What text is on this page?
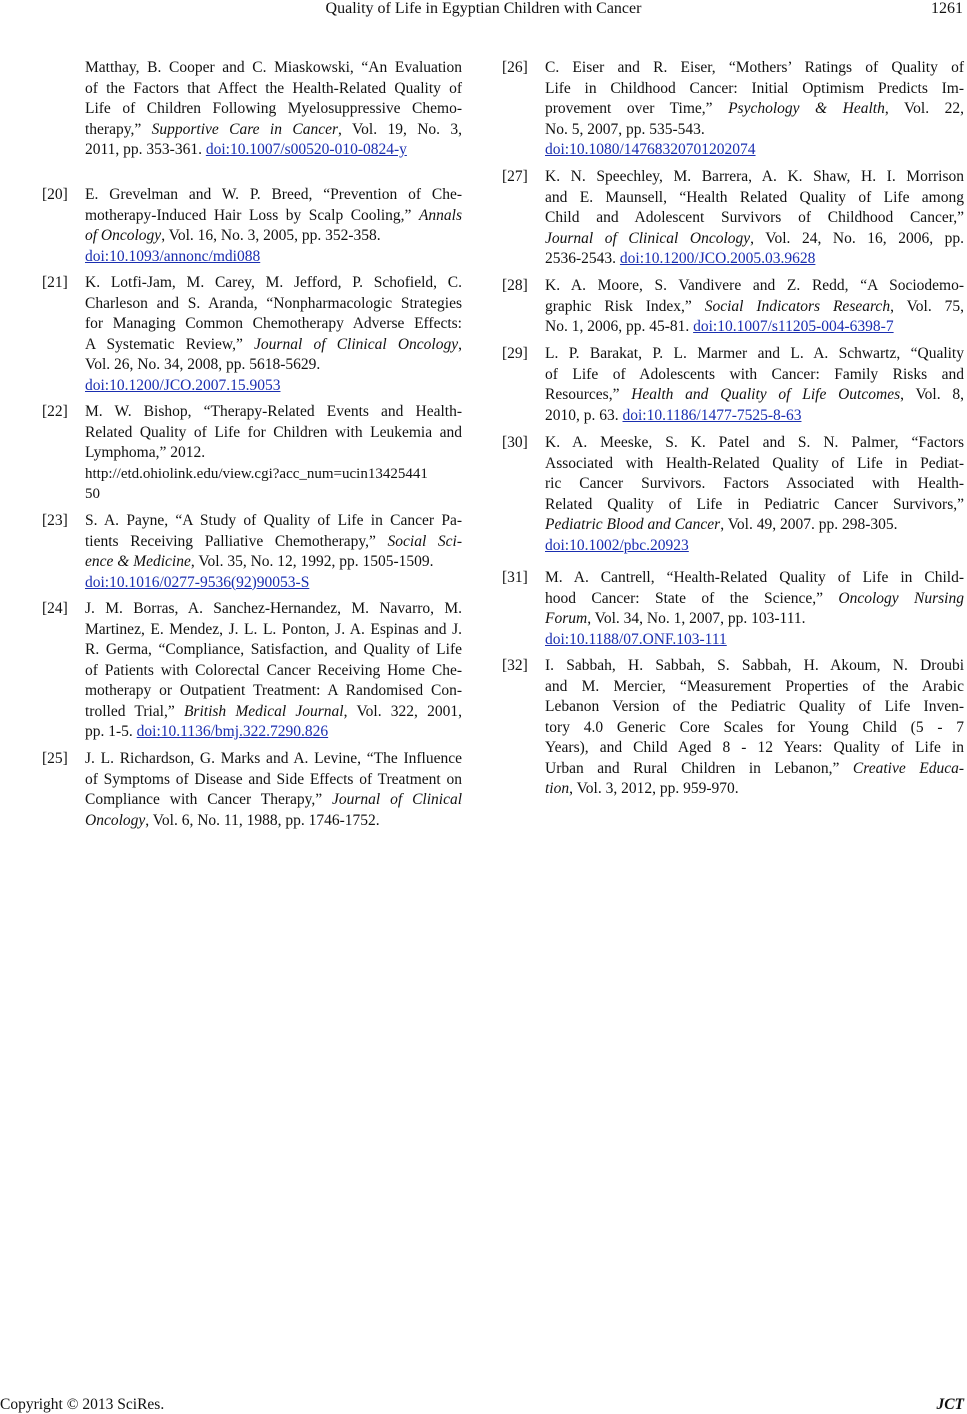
Quality of Life in Egyptian Children with Cancer	1261
Matthay, B. Cooper and C. Miaskowski, “An Evaluation
of the Factors that Affect the Health-Related Quality of
Life of Children Following Myelosuppressive Chemo-
therapy,” Supportive Care in Cancer, Vol. 19, No. 3,
2011, pp. 353-361. doi:10.1007/s00520-010-0824-y
[20] E. Grevelman and W. P. Breed, “Prevention of Che-
motherapy-Induced Hair Loss by Scalp Cooling,” Annals
of Oncology, Vol. 16, No. 3, 2005, pp. 352-358.
doi:10.1093/annonc/mdi088
[21] K. Lotfi-Jam, M. Carey, M. Jefford, P. Schofield, C.
Charleson and S. Aranda, “Nonpharmacologic Strategies
for Managing Common Chemotherapy Adverse Effects:
A Systematic Review,” Journal of Clinical Oncology,
Vol. 26, No. 34, 2008, pp. 5618-5629.
doi:10.1200/JCO.2007.15.9053
[22] M. W. Bishop, “Therapy-Related Events and Health-
Related Quality of Life for Children with Leukemia and
Lymphoma,” 2012.
http://etd.ohiolink.edu/view.cgi?acc_num=ucin13425441
50
[23] S. A. Payne, “A Study of Quality of Life in Cancer Pa-
tients Receiving Palliative Chemotherapy,” Social Sci-
ence & Medicine, Vol. 35, No. 12, 1992, pp. 1505-1509.
doi:10.1016/0277-9536(92)90053-S
[24] J. M. Borras, A. Sanchez-Hernandez, M. Navarro, M.
Martinez, E. Mendez, J. L. L. Ponton, J. A. Espinas and J.
R. Germa, “Compliance, Satisfaction, and Quality of Life
of Patients with Colorectal Cancer Receiving Home Che-
motherapy or Outpatient Treatment: A Randomised Con-
trolled Trial,” British Medical Journal, Vol. 322, 2001,
pp. 1-5. doi:10.1136/bmj.322.7290.826
[25] J. L. Richardson, G. Marks and A. Levine, “The Influence
of Symptoms of Disease and Side Effects of Treatment on
Compliance with Cancer Therapy,” Journal of Clinical
Oncology, Vol. 6, No. 11, 1988, pp. 1746-1752.
[26] C. Eiser and R. Eiser, “Mothers’ Ratings of Quality of
Life in Childhood Cancer: Initial Optimism Predicts Im-
provement over Time,” Psychology & Health, Vol. 22,
No. 5, 2007, pp. 535-543.
doi:10.1080/14768320701202074
[27] K. N. Speechley, M. Barrera, A. K. Shaw, H. I. Morrison
and E. Maunsell, “Health Related Quality of Life among
Child and Adolescent Survivors of Childhood Cancer,”
Journal of Clinical Oncology, Vol. 24, No. 16, 2006, pp.
2536-2543. doi:10.1200/JCO.2005.03.9628
[28] K. A. Moore, S. Vandivere and Z. Redd, “A Sociodemo-
graphic Risk Index,” Social Indicators Research, Vol. 75,
No. 1, 2006, pp. 45-81. doi:10.1007/s11205-004-6398-7
[29] L. P. Barakat, P. L. Marmer and L. A. Schwartz, “Quality
of Life of Adolescents with Cancer: Family Risks and
Resources,” Health and Quality of Life Outcomes, Vol. 8,
2010, p. 63. doi:10.1186/1477-7525-8-63
[30] K. A. Meeske, S. K. Patel and S. N. Palmer, “Factors
Associated with Health-Related Quality of Life in Pediat-
ric Cancer Survivors. Factors Associated with Health-
Related Quality of Life in Pediatric Cancer Survivors,”
Pediatric Blood and Cancer, Vol. 49, 2007. pp. 298-305.
doi:10.1002/pbc.20923
[31] M. A. Cantrell, “Health-Related Quality of Life in Child-
hood Cancer: State of the Science,” Oncology Nursing
Forum, Vol. 34, No. 1, 2007, pp. 103-111.
doi:10.1188/07.ONF.103-111
[32] I. Sabbah, H. Sabbah, S. Sabbah, H. Akoum, N. Droubi
and M. Mercier, “Measurement Properties of the Arabic
Lebanon Version of the Pediatric Quality of Life Inven-
tory 4.0 Generic Core Scales for Young Child (5 - 7
Years), and Child Aged 8 - 12 Years: Quality of Life in
Urban and Rural Children in Lebanon,” Creative Educa-
tion, Vol. 3, 2012, pp. 959-970.
Copyright © 2013 SciRes.	JCT
